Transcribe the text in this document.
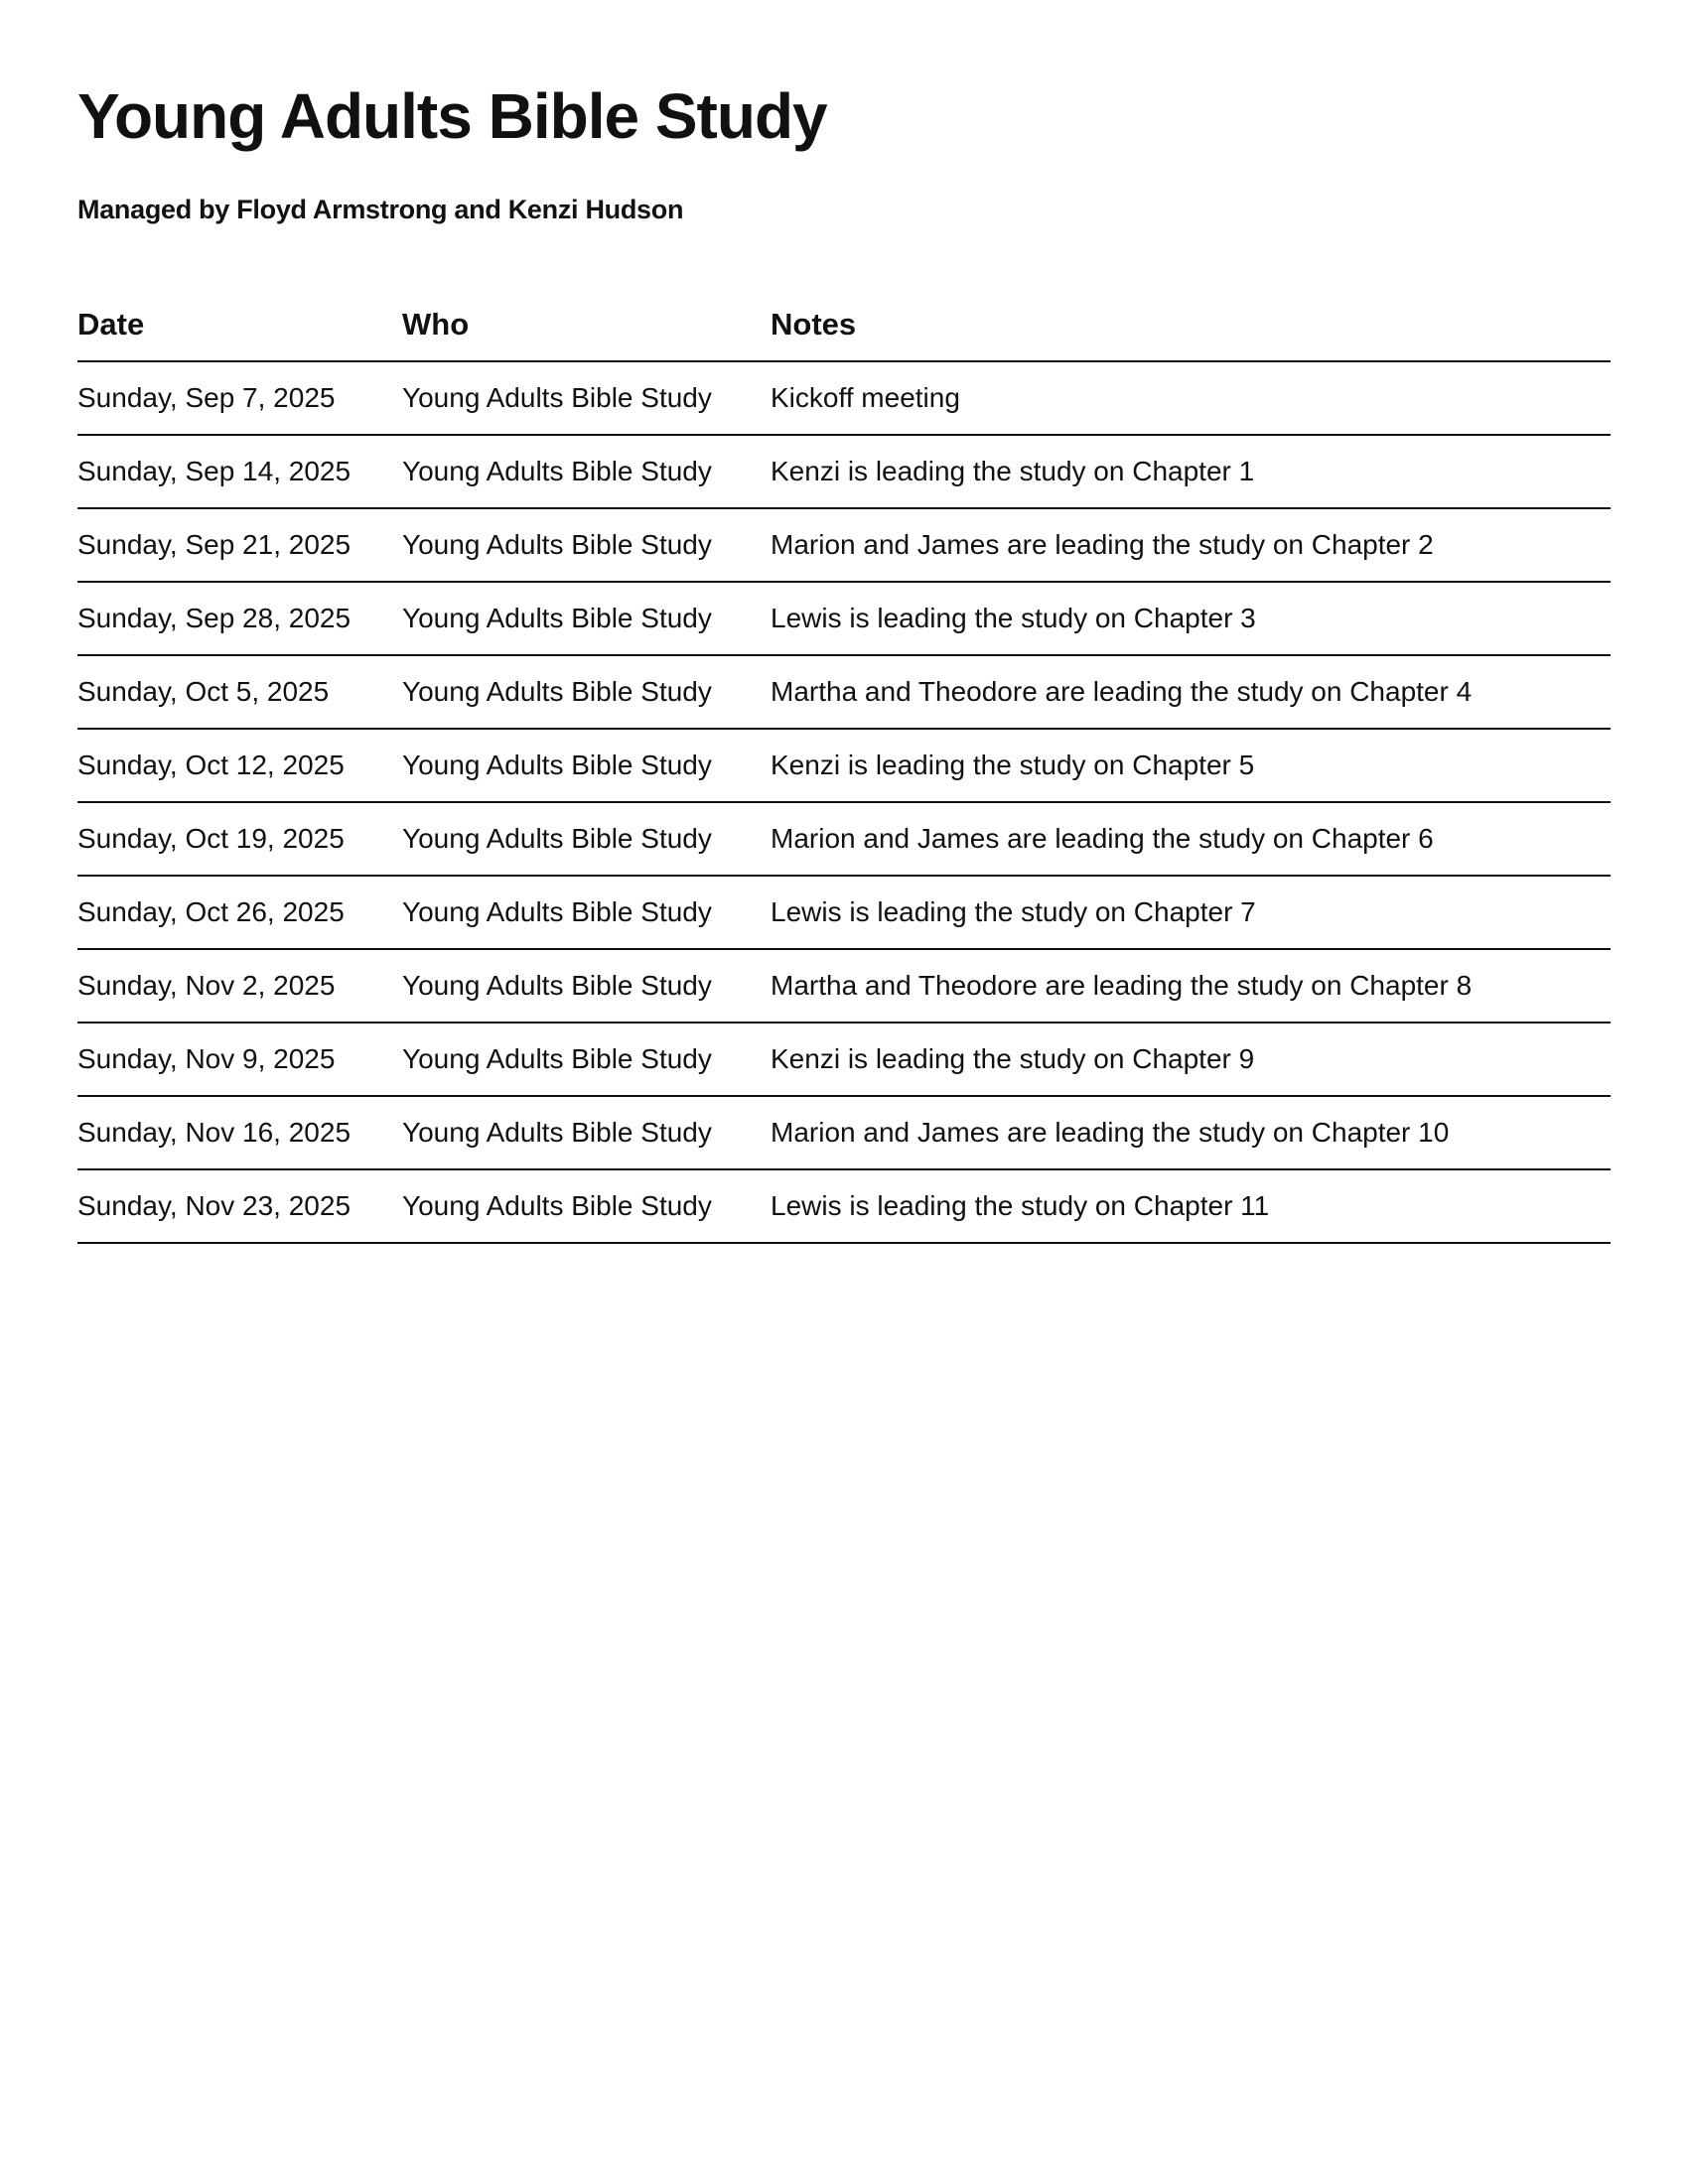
Young Adults Bible Study

Managed by Floyd Armstrong and Kenzi Hudson

Date	Who	Notes
Sunday, Sep 7, 2025	Young Adults Bible Study	Kickoff meeting
Sunday, Sep 14, 2025	Young Adults Bible Study	Kenzi is leading the study on Chapter 1
Sunday, Sep 21, 2025	Young Adults Bible Study	Marion and James are leading the study on Chapter 2
Sunday, Sep 28, 2025	Young Adults Bible Study	Lewis is leading the study on Chapter 3
Sunday, Oct 5, 2025	Young Adults Bible Study	Martha and Theodore are leading the study on Chapter 4
Sunday, Oct 12, 2025	Young Adults Bible Study	Kenzi is leading the study on Chapter 5
Sunday, Oct 19, 2025	Young Adults Bible Study	Marion and James are leading the study on Chapter 6
Sunday, Oct 26, 2025	Young Adults Bible Study	Lewis is leading the study on Chapter 7
Sunday, Nov 2, 2025	Young Adults Bible Study	Martha and Theodore are leading the study on Chapter 8
Sunday, Nov 9, 2025	Young Adults Bible Study	Kenzi is leading the study on Chapter 9
Sunday, Nov 16, 2025	Young Adults Bible Study	Marion and James are leading the study on Chapter 10
Sunday, Nov 23, 2025	Young Adults Bible Study	Lewis is leading the study on Chapter 11
